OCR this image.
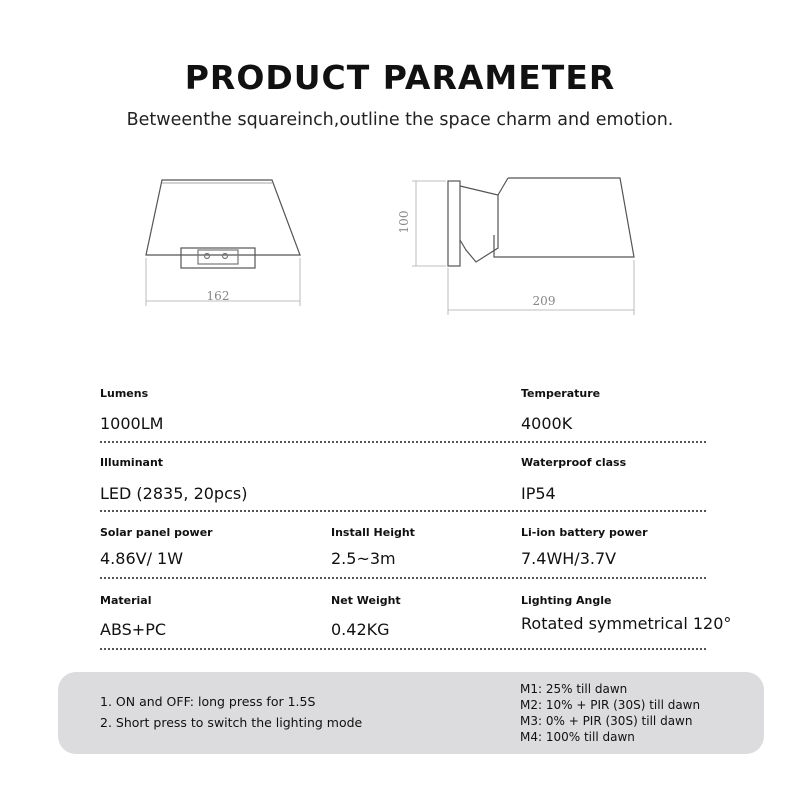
PRODUCT PARAMETER
Betweenthe squareinch,outline the space charm and emotion.
162
100
209
Lumens
1000LM
Temperature
4000K
Illuminant
LED (2835, 20pcs)
Waterproof class
IP54
Solar panel power
4.86V/ 1W
Install Height
2.5~3m
Li-ion battery power
7.4WH/3.7V
Material
ABS+PC
Net Weight
0.42KG
Lighting Angle
Rotated symmetrical 120°
1. ON and OFF: long press for 1.5S
2. Short press to switch the lighting mode
M1: 25% till dawn
M2: 10% + PIR (30S) till dawn
M3: 0% + PIR (30S) till dawn
M4: 100% till dawn
